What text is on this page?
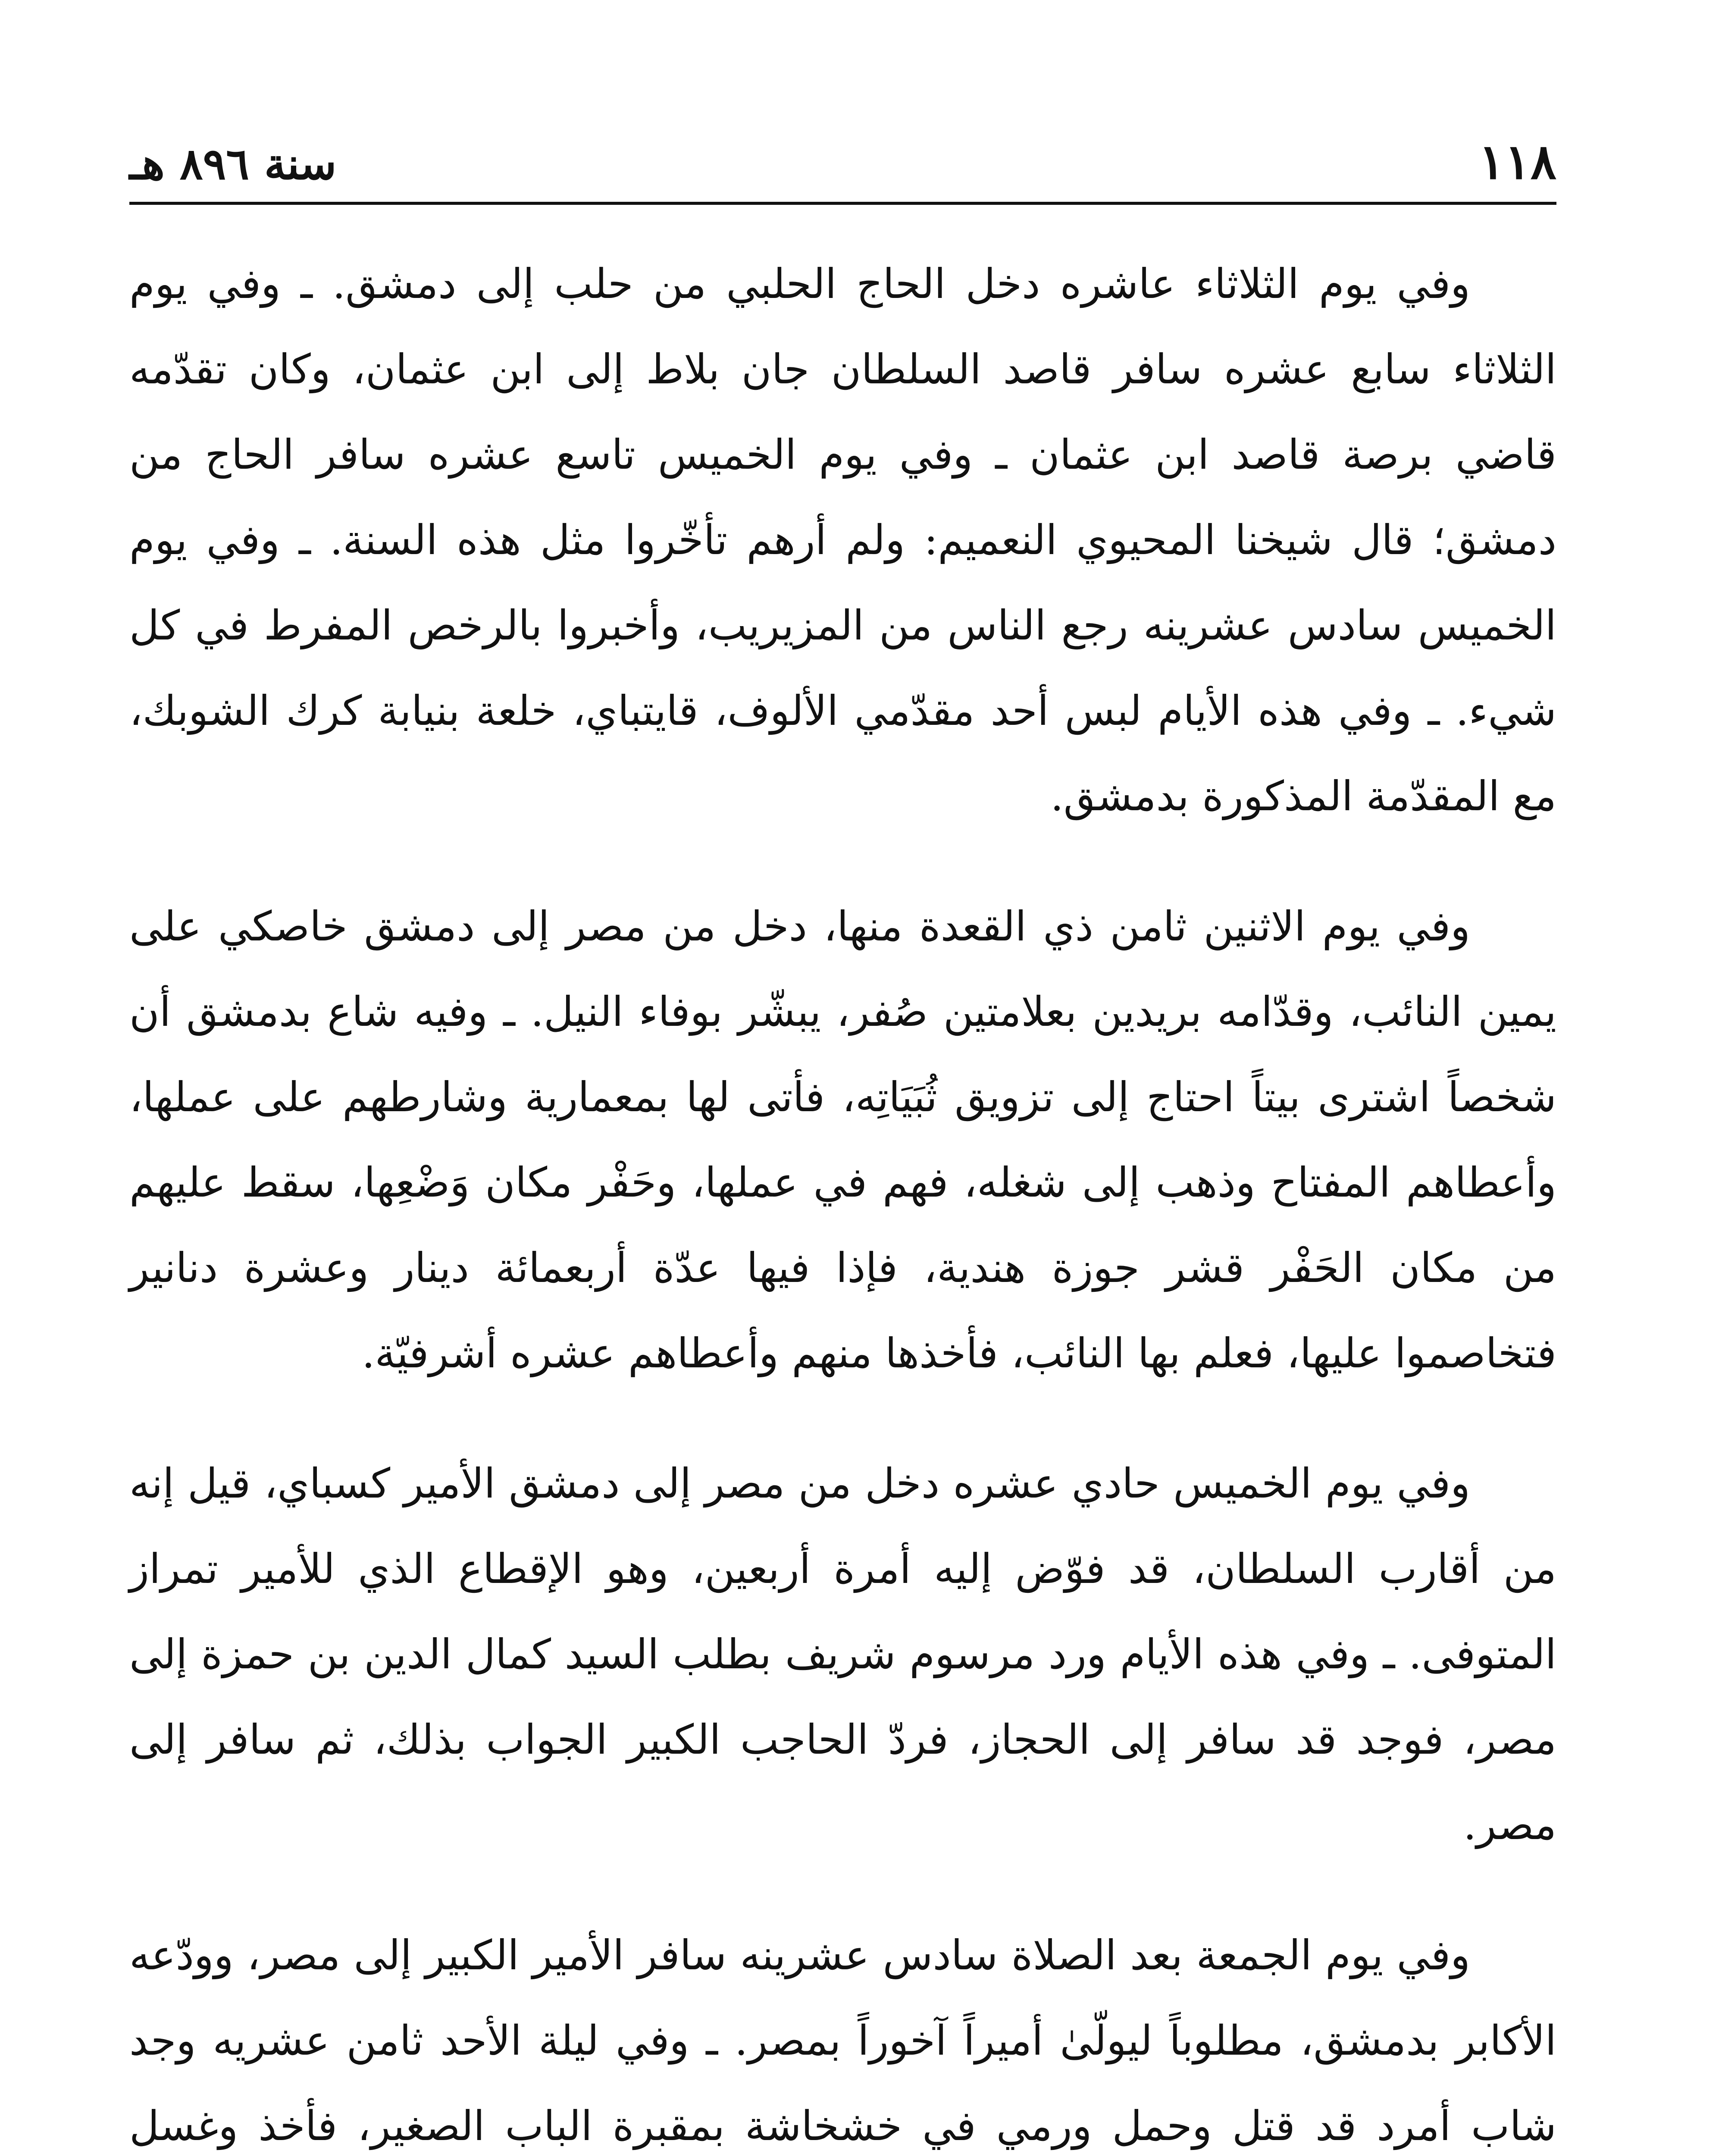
١١٨
سنة ٨٩٦ هـ

وفي يوم الثلاثاء عاشره دخل الحاج الحلبي من حلب إلى دمشق. ـ وفي يوم الثلاثاء سابع عشره سافر قاصد السلطان جان بلاط إلى ابن عثمان، وكان تقدّمه قاضي برصة قاصد ابن عثمان ـ وفي يوم الخميس تاسع عشره سافر الحاج من دمشق؛ قال شيخنا المحيوي النعميم: ولم أرهم تأخّروا مثل هذه السنة. ـ وفي يوم الخميس سادس عشرينه رجع الناس من المزيريب، وأخبروا بالرخص المفرط في كل شيء. ـ وفي هذه الأيام لبس أحد مقدّمي الألوف، قايتباي، خلعة بنيابة كرك الشوبك، مع المقدّمة المذكورة بدمشق.

وفي يوم الاثنين ثامن ذي القعدة منها، دخل من مصر إلى دمشق خاصكي على يمين النائب، وقدّامه بريدين بعلامتين صُفر، يبشّر بوفاء النيل. ـ وفيه شاع بدمشق أن شخصاً اشترى بيتاً احتاج إلى تزويق ثُبَيَاتِه، فأتى لها بمعمارية وشارطهم على عملها، وأعطاهم المفتاح وذهب إلى شغله، فهم في عملها، وحَفْر مكان وَضْعِها، سقط عليهم من مكان الحَفْر قشر جوزة هندية، فإذا فيها عدّة أربعمائة دينار وعشرة دنانير فتخاصموا عليها، فعلم بها النائب، فأخذها منهم وأعطاهم عشره أشرفيّة.

وفي يوم الخميس حادي عشره دخل من مصر إلى دمشق الأمير كسباي، قيل إنه من أقارب السلطان، قد فوّض إليه أمرة أربعين، وهو الإقطاع الذي للأمير تمراز المتوفى. ـ وفي هذه الأيام ورد مرسوم شريف بطلب السيد كمال الدين بن حمزة إلى مصر، فوجد قد سافر إلى الحجاز، فردّ الحاجب الكبير الجواب بذلك، ثم سافر إلى مصر.

وفي يوم الجمعة بعد الصلاة سادس عشرينه سافر الأمير الكبير إلى مصر، وودّعه الأكابر بدمشق، مطلوباً ليولّىٰ أميراً آخوراً بمصر. ـ وفي ليلة الأحد ثامن عشريه وجد شاب أمرد قد قتل وحمل ورمي في خشخاشة بمقبرة الباب الصغير، فأخذ وغسل
